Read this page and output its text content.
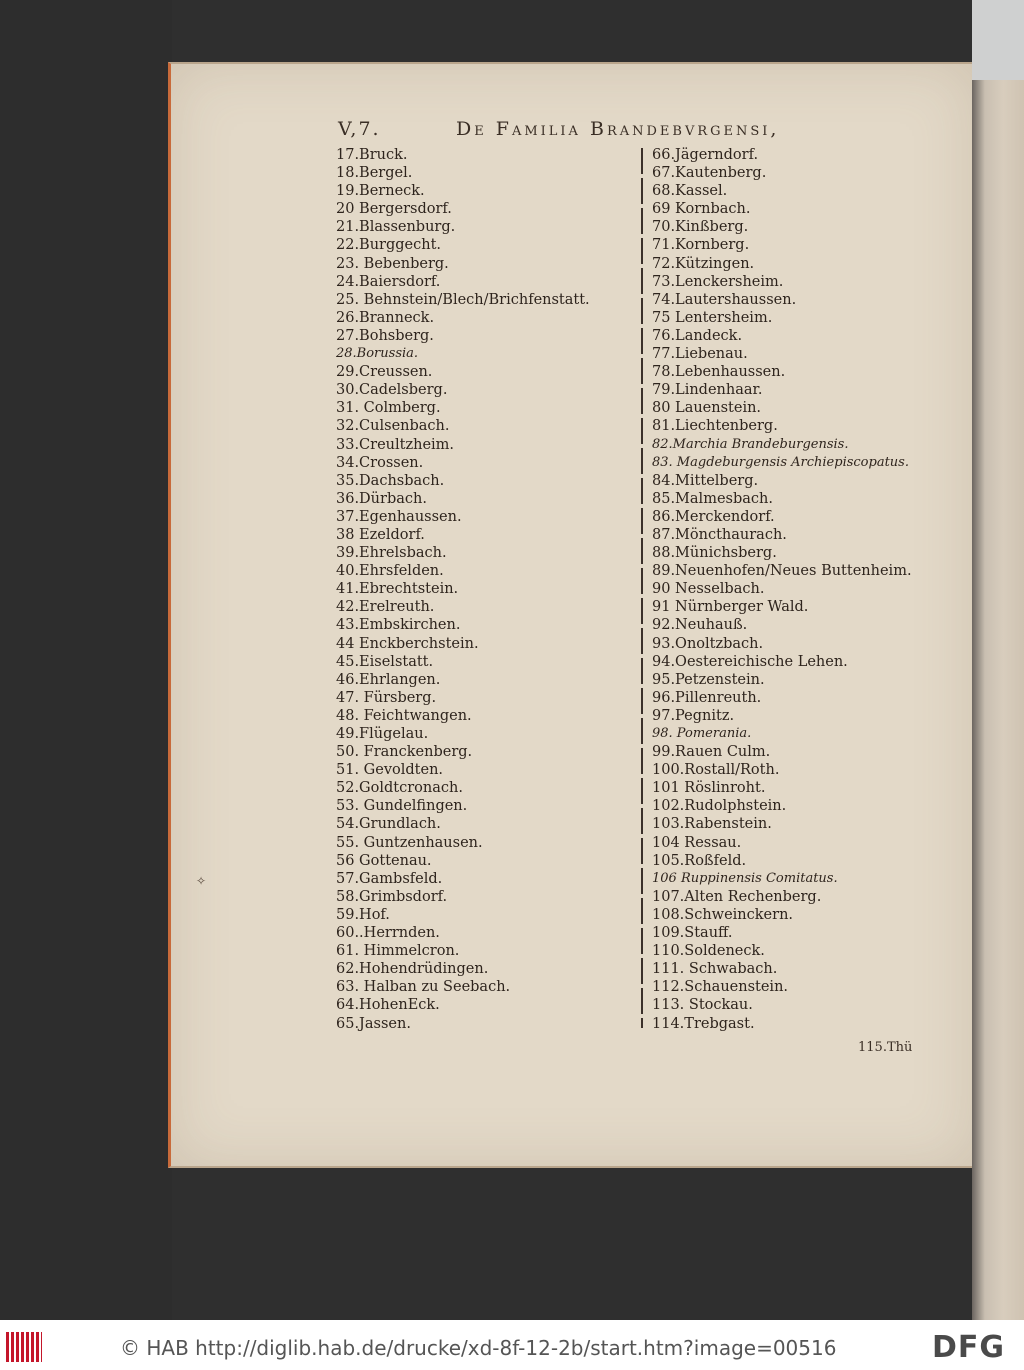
V,7.	De Familia Brandebvrgensi,
17.Bruck.
18.Bergel.
19.Berneck.
20 Bergersdorf.
21.Blassenburg.
22.Burggecht.
23. Bebenberg.
24.Baiersdorf.
25. Behnstein/Blech/Brichfenstatt.
26.Branneck.
27.Bohsberg.
28.Borussia.
29.Creussen.
30.Cadelsberg.
31. Colmberg.
32.Culsenbach.
33.Creultzheim.
34.Crossen.
35.Dachsbach.
36.Dürbach.
37.Egenhaussen.
38 Ezeldorf.
39.Ehrelsbach.
40.Ehrsfelden.
41.Ebrechtstein.
42.Erelreuth.
43.Embskirchen.
44 Enckberchstein.
45.Eiselstatt.
46.Ehrlangen.
47. Fürsberg.
48. Feichtwangen.
49.Flügelau.
50. Franckenberg.
51. Gevoldten.
52.Goldtcronach.
53. Gundelfingen.
54.Grundlach.
55. Guntzenhausen.
56 Gottenau.
57.Gambsfeld.
58.Grimbsdorf.
59.Hof.
60..Herrnden.
61. Himmelcron.
62.Hohendrüdingen.
63. Halban zu Seebach.
64.HohenEck.
65.Jassen.
66.Jägerndorf.
67.Kautenberg.
68.Kassel.
69 Kornbach.
70.Kinßberg.
71.Kornberg.
72.Kützingen.
73.Lenckersheim.
74.Lautershaussen.
75 Lentersheim.
76.Landeck.
77.Liebenau.
78.Lebenhaussen.
79.Lindenhaar.
80 Lauenstein.
81.Liechtenberg.
82.Marchia Brandeburgensis.
83. Magdeburgensis Archiepiscopatus.
84.Mittelberg.
85.Malmesbach.
86.Merckendorf.
87.Möncthaurach.
88.Münichsberg.
89.Neuenhofen/Neues Buttenheim.
90 Nesselbach.
91 Nürnberger Wald.
92.Neuhauß.
93.Onoltzbach.
94.Oestereichische Lehen.
95.Petzenstein.
96.Pillenreuth.
97.Pegnitz.
98. Pomerania.
99.Rauen Culm.
100.Rostall/Roth.
101 Röslinroht.
102.Rudolphstein.
103.Rabenstein.
104 Ressau.
105.Roßfeld.
106 Ruppinensis Comitatus.
107.Alten Rechenberg.
108.Schweinckern.
109.Stauff.
110.Soldeneck.
111. Schwabach.
112.Schauenstein.
113. Stockau.
114.Trebgast.
✧
115.Thü
© HAB http://diglib.hab.de/drucke/xd-8f-12-2b/start.htm?image=00516	DFG
